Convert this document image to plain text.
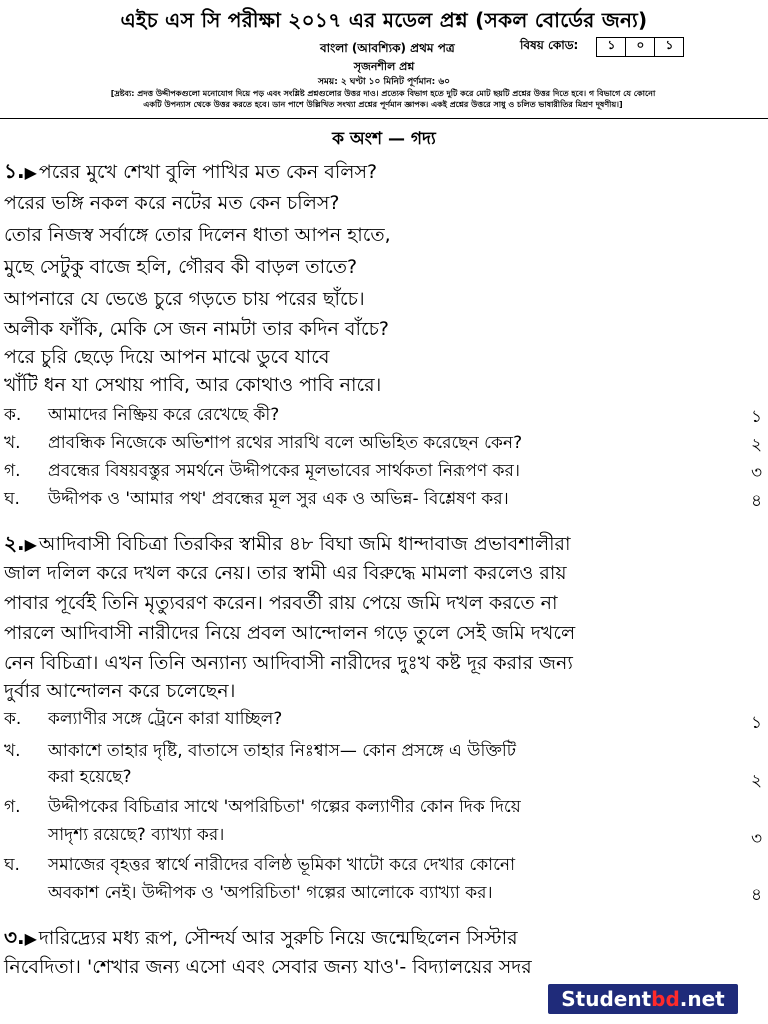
এইচ এস সি পরীক্ষা ২০১৭ এর মডেল প্রশ্ন (সকল বোর্ডের জন্য)
বাংলা (আবশ্যিক) প্রথম পত্র	বিষয় কোড:	১	০	১
সৃজনশীল প্রশ্ন
সময়: ২ ঘণ্টা ১০ মিনিট পূর্ণমান: ৬০
[দ্রষ্টব্য: প্রদত্ত উদ্দীপকগুলো মনোযোগ দিয়ে পড় এবং সংশ্লিষ্ট প্রশ্নগুলোর উত্তর দাও। প্রত্যেক বিভাগ হতে দুটি করে মোট ছয়টি প্রশ্নের উত্তর দিতে হবে। গ বিভাগে যে কোনো
একটি উপন্যাস থেকে উত্তর করতে হবে। ডান পাশে উল্লিখিত সংখ্যা প্রশ্নের পূর্ণমান জ্ঞাপক। একই প্রশ্নের উত্তরে সাধু ও চলিত ভাষারীতির মিশ্রণ দূষণীয়।]
ক অংশ — গদ্য
১.▶ পরের মুখে শেখা বুলি পাখির মত কেন বলিস?
পরের ভঙ্গি নকল করে নটের মত কেন চলিস?
তোর নিজস্ব সর্বাঙ্গে তোর দিলেন ধাতা আপন হাতে,
মুছে সেটুকু বাজে হলি, গৌরব কী বাড়ল তাতে?
আপনারে যে ভেঙে চুরে গড়তে চায় পরের ছাঁচে।
অলীক ফাঁকি, মেকি সে জন নামটা তার কদিন বাঁচে?
পরে চুরি ছেড়ে দিয়ে আপন মাঝে ডুবে যাবে
খাঁটি ধন যা সেথায় পাবি, আর কোথাও পাবি নারে।
ক. আমাদের নিষ্ক্রিয় করে রেখেছে কী?	১
খ. প্রাবন্ধিক নিজেকে অভিশাপ রথের সারথি বলে অভিহিত করেছেন কেন?	২
গ. প্রবন্ধের বিষয়বস্তুর সমর্থনে উদ্দীপকের মূলভাবের সার্থকতা নিরূপণ কর।	৩
ঘ. উদ্দীপক ও 'আমার পথ' প্রবন্ধের মূল সুর এক ও অভিন্ন- বিশ্লেষণ কর।	৪
২.▶ আদিবাসী বিচিত্রা তিরকির স্বামীর ৪৮ বিঘা জমি ধান্দাবাজ প্রভাবশালীরা
জাল দলিল করে দখল করে নেয়। তার স্বামী এর বিরুদ্ধে মামলা করলেও রায়
পাবার পূর্বেই তিনি মৃত্যুবরণ করেন। পরবর্তী রায় পেয়ে জমি দখল করতে না
পারলে আদিবাসী নারীদের নিয়ে প্রবল আন্দোলন গড়ে তুলে সেই জমি দখলে
নেন বিচিত্রা। এখন তিনি অন্যান্য আদিবাসী নারীদের দুঃখ কষ্ট দূর করার জন্য
দুর্বার আন্দোলন করে চলেছেন।
ক. কল্যাণীর সঙ্গে ট্রেনে কারা যাচ্ছিল?	১
খ. আকাশে তাহার দৃষ্টি, বাতাসে তাহার নিঃশ্বাস— কোন প্রসঙ্গে এ উক্তিটি
করা হয়েছে?	২
গ. উদ্দীপকের বিচিত্রার সাথে 'অপরিচিতা' গল্পের কল্যাণীর কোন দিক দিয়ে
সাদৃশ্য রয়েছে? ব্যাখ্যা কর।	৩
ঘ. সমাজের বৃহত্তর স্বার্থে নারীদের বলিষ্ঠ ভূমিকা খাটো করে দেখার কোনো
অবকাশ নেই। উদ্দীপক ও 'অপরিচিতা' গল্পের আলোকে ব্যাখ্যা কর।	৪
৩.▶ দারিদ্র্যের মধ্য রূপ, সৌন্দর্য আর সুরুচি নিয়ে জন্মেছিলেন সিস্টার
নিবেদিতা। 'শেখার জন্য এসো এবং সেবার জন্য যাও'- বিদ্যালয়ের সদর
Student bd .net
